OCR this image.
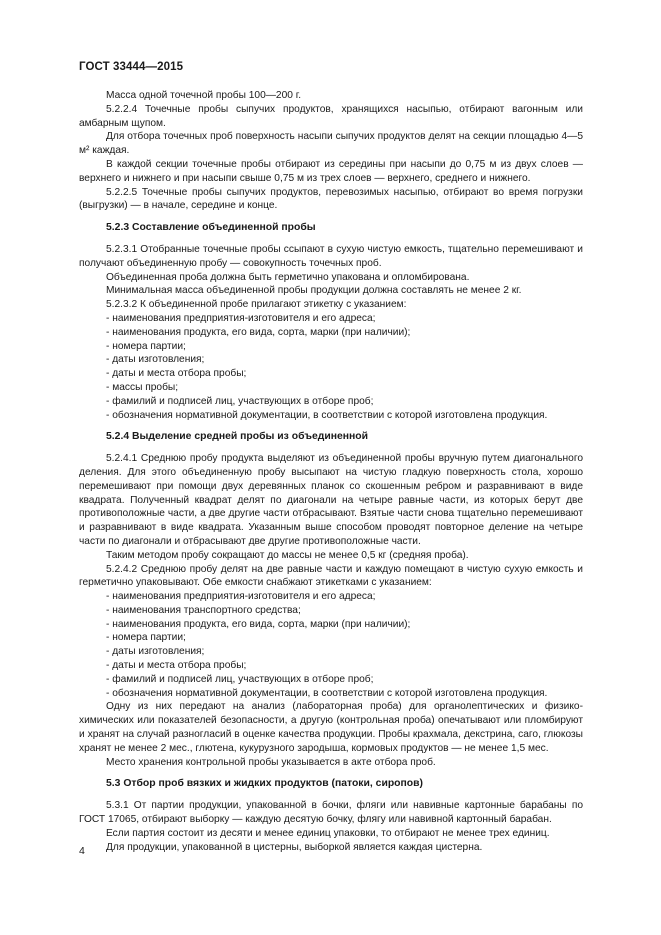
ГОСТ 33444—2015
Масса одной точечной пробы 100—200 г.
5.2.2.4 Точечные пробы сыпучих продуктов, хранящихся насыпью, отбирают вагонным или амбарным щупом.
Для отбора точечных проб поверхность насыпи сыпучих продуктов делят на секции площадью 4—5 м² каждая.
В каждой секции точечные пробы отбирают из середины при насыпи до 0,75 м из двух слоев — верхнего и нижнего и при насыпи свыше 0,75 м из трех слоев — верхнего, среднего и нижнего.
5.2.2.5 Точечные пробы сыпучих продуктов, перевозимых насыпью, отбирают во время погрузки (выгрузки) — в начале, середине и конце.
5.2.3 Составление объединенной пробы
5.2.3.1 Отобранные точечные пробы ссыпают в сухую чистую емкость, тщательно перемешивают и получают объединенную пробу — совокупность точечных проб.
Объединенная проба должна быть герметично упакована и опломбирована.
Минимальная масса объединенной пробы продукции должна составлять не менее 2 кг.
5.2.3.2 К объединенной пробе прилагают этикетку с указанием:
- наименования предприятия-изготовителя и его адреса;
- наименования продукта, его вида, сорта, марки (при наличии);
- номера партии;
- даты изготовления;
- даты и места отбора пробы;
- массы пробы;
- фамилий и подписей лиц, участвующих в отборе проб;
- обозначения нормативной документации, в соответствии с которой изготовлена продукция.
5.2.4 Выделение средней пробы из объединенной
5.2.4.1 Среднюю пробу продукта выделяют из объединенной пробы вручную путем диагонального деления. Для этого объединенную пробу высыпают на чистую гладкую поверхность стола, хорошо перемешивают при помощи двух деревянных планок со скошенным ребром и разравнивают в виде квадрата. Полученный квадрат делят по диагонали на четыре равные части, из которых берут две противоположные части, а две другие части отбрасывают. Взятые части снова тщательно перемешивают и разравнивают в виде квадрата. Указанным выше способом проводят повторное деление на четыре части по диагонали и отбрасывают две другие противоположные части.
Таким методом пробу сокращают до массы не менее 0,5 кг (средняя проба).
5.2.4.2 Среднюю пробу делят на две равные части и каждую помещают в чистую сухую емкость и герметично упаковывают. Обе емкости снабжают этикетками с указанием:
- наименования предприятия-изготовителя и его адреса;
- наименования транспортного средства;
- наименования продукта, его вида, сорта, марки (при наличии);
- номера партии;
- даты изготовления;
- даты и места отбора пробы;
- фамилий и подписей лиц, участвующих в отборе проб;
- обозначения нормативной документации, в соответствии с которой изготовлена продукция.
Одну из них передают на анализ (лабораторная проба) для органолептических и физико-химических или показателей безопасности, а другую (контрольная проба) опечатывают или пломбируют и хранят на случай разногласий в оценке качества продукции. Пробы крахмала, декстрина, саго, глюкозы хранят не менее 2 мес., глютена, кукурузного зародыша, кормовых продуктов — не менее 1,5 мес.
Место хранения контрольной пробы указывается в акте отбора проб.
5.3 Отбор проб вязких и жидких продуктов (патоки, сиропов)
5.3.1 От партии продукции, упакованной в бочки, фляги или навивные картонные барабаны по ГОСТ 17065, отбирают выборку — каждую десятую бочку, флягу или навивной картонный барабан.
Если партия состоит из десяти и менее единиц упаковки, то отбирают не менее трех единиц.
Для продукции, упакованной в цистерны, выборкой является каждая цистерна.
4
